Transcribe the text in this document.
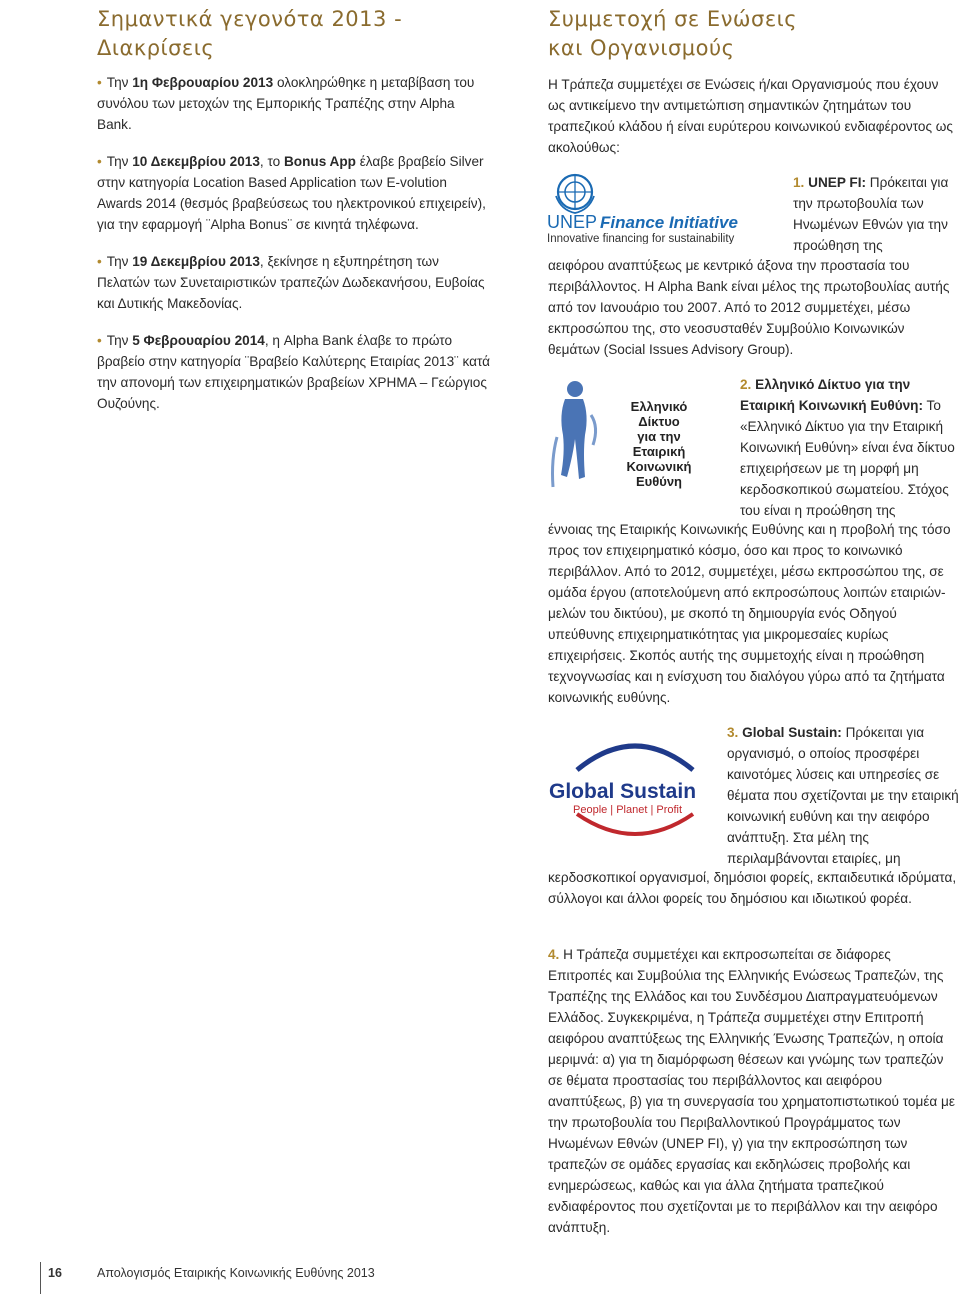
Σημαντικά γεγονότα 2013 -
Διακρίσεις

• Την 1η Φεβρουαρίου 2013 ολοκληρώθηκε η μεταβίβαση του συνόλου των μετοχών της Εμπορικής Τραπέζης στην Alpha Bank.

• Την 10 Δεκεμβρίου 2013, το Bonus App έλαβε βραβείο Silver στην κατηγορία Location Based Application των E-volution Awards 2014 (θεσμός βραβεύσεως του ηλεκτρονικού επιχειρείν), για την εφαρμογή ¨Alpha Bonus¨ σε κινητά τηλέφωνα.

• Την 19 Δεκεμβρίου 2013, ξεκίνησε η εξυπηρέτηση των Πελατών των Συνεταιριστικών τραπεζών Δωδεκανήσου, Ευβοίας και Δυτικής Μακεδονίας.

• Την 5 Φεβρουαρίου 2014, η Alpha Bank έλαβε το πρώτο βραβείο στην κατηγορία ¨Βραβείο Καλύτερης Εταιρίας 2013¨ κατά την απονομή των επιχειρηματικών βραβείων ΧΡΗΜΑ – Γεώργιος Ουζούνης.

Συμμετοχή σε Ενώσεις
και Οργανισμούς

Η Τράπεζα συμμετέχει σε Ενώσεις ή/και Οργανισμούς που έχουν ως αντικείμενο την αντιμετώπιση σημαντικών ζητημάτων του τραπεζικού κλάδου ή είναι ευρύτερου κοινωνικού ενδιαφέροντος ως ακολούθως:

UNEP Finance Initiative
Innovative financing for sustainability

1. UNEP FI: Πρόκειται για την πρωτοβουλία των Ηνωμένων Εθνών για την προώθηση της

αειφόρου αναπτύξεως με κεντρικό άξονα την προστασία του περιβάλλοντος. Η Alpha Bank είναι μέλος της πρωτοβουλίας αυτής από τον Ιανουάριο του 2007. Από το 2012 συμμετέχει, μέσω εκπροσώπου της, στο νεοσυσταθέν Συμβούλιο Κοινωνικών θεμάτων (Social Issues Advisory Group).

Ελληνικό
Δίκτυο
για την
Εταιρική
Κοινωνική
Ευθύνη

2. Ελληνικό Δίκτυο για την Εταιρική Κοινωνική Ευθύνη: Το «Ελληνικό Δίκτυο για την Εταιρική Κοινωνική Ευθύνη» είναι ένα δίκτυο επιχειρήσεων με τη μορφή μη κερδοσκοπικού σωματείου. Στόχος του είναι η προώθηση της

έννοιας της Εταιρικής Κοινωνικής Ευθύνης και η προβολή της τόσο προς τον επιχειρηματικό κόσμο, όσο και προς το κοινωνικό περιβάλλον. Από το 2012, συμμετέχει, μέσω εκπροσώπου της, σε ομάδα έργου (αποτελούμενη από εκπροσώπους λοιπών εταιριών-μελών του δικτύου), με σκοπό τη δημιουργία ενός Οδηγού υπεύθυνης επιχειρηματικότητας για μικρομεσαίες κυρίως επιχειρήσεις. Σκοπός αυτής της συμμετοχής είναι η προώθηση τεχνογνωσίας και η ενίσχυση του διαλόγου γύρω από τα ζητήματα κοινωνικής ευθύνης.

Global Sustain
People | Planet | Profit

3. Global Sustain: Πρόκειται για οργανισμό, ο οποίος προσφέρει καινοτόμες λύσεις και υπηρεσίες σε θέματα που σχετίζονται με την εταιρική κοινωνική ευθύνη και την αειφόρο ανάπτυξη. Στα μέλη της περιλαμβάνονται εταιρίες, μη

κερδοσκοπικοί οργανισμοί, δημόσιοι φορείς, εκπαιδευτικά ιδρύματα, σύλλογοι και άλλοι φορείς του δημόσιου και ιδιωτικού φορέα.

4. Η Τράπεζα συμμετέχει και εκπροσωπείται σε διάφορες Επιτροπές και Συμβούλια της Ελληνικής Ενώσεως Τραπεζών, της Τραπέζης της Ελλάδος και του Συνδέσμου Διαπραγματευόμενων Ελλάδος. Συγκεκριμένα, η Τράπεζα συμμετέχει στην Επιτροπή αειφόρου αναπτύξεως της Ελληνικής Ένωσης Τραπεζών, η οποία μεριμνά: α) για τη διαμόρφωση θέσεων και γνώμης των τραπεζών σε θέματα προστασίας του περιβάλλοντος και αειφόρου αναπτύξεως, β) για τη συνεργασία του χρηματοπιστωτικού τομέα με την πρωτοβουλία του Περιβαλλοντικού Προγράμματος των Ηνωμένων Εθνών (UNEP FI), γ) για την εκπροσώπηση των τραπεζών σε ομάδες εργασίας και εκδηλώσεις προβολής και ενημερώσεως, καθώς και για άλλα ζητήματα τραπεζικού ενδιαφέροντος που σχετίζονται με το περιβάλλον και την αειφόρο ανάπτυξη.

16	Απολογισμός Εταιρικής Κοινωνικής Ευθύνης 2013
